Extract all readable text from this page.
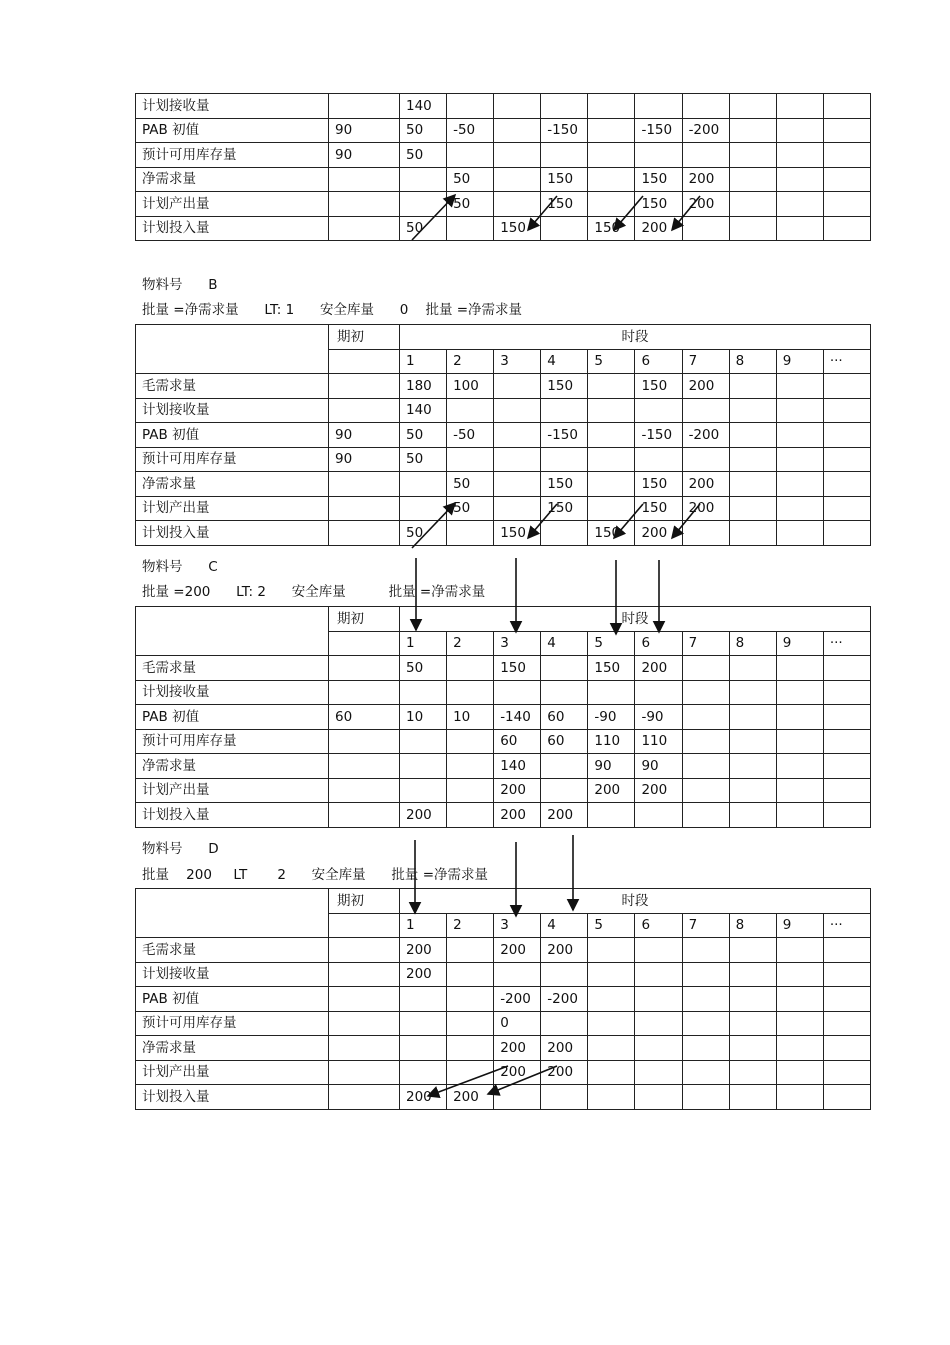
计划接收量		140									
PAB 初值	90	50	-50		-150		-150	-200			
预计可用库存量	90	50									
净需求量			50		150		150	200			
计划产出量			50		150		150	200			
计划投入量		50		150		150	200				
物料号      B
批量 =净需求量      LT: 1      安全库量      0    批量 =净需求量
	期初	时段									
		1	2	3	4	5	6	7	8	9	···
毛需求量		180	100		150		150	200			
计划接收量		140									
PAB 初值	90	50	-50		-150		-150	-200			
预计可用库存量	90	50									
净需求量			50		150		150	200			
计划产出量			50		150		150	200			
计划投入量		50		150		150	200				
物料号      C
批量 =200      LT: 2      安全库量          批量 =净需求量
	期初	时段									
		1	2	3	4	5	6	7	8	9	···
毛需求量		50		150		150	200				
计划接收量											
PAB 初值	60	10	10	-140	60	-90	-90				
预计可用库存量				60	60	110	110				
净需求量				140		90	90				
计划产出量				200		200	200				
计划投入量		200		200	200						
物料号      D
批量    200     LT       2      安全库量      批量 =净需求量
	期初	时段									
		1	2	3	4	5	6	7	8	9	···
毛需求量		200		200	200						
计划接收量		200									
PAB 初值				-200	-200						
预计可用库存量				0							
净需求量				200	200						
计划产出量				200	200						
计划投入量		200	200								
